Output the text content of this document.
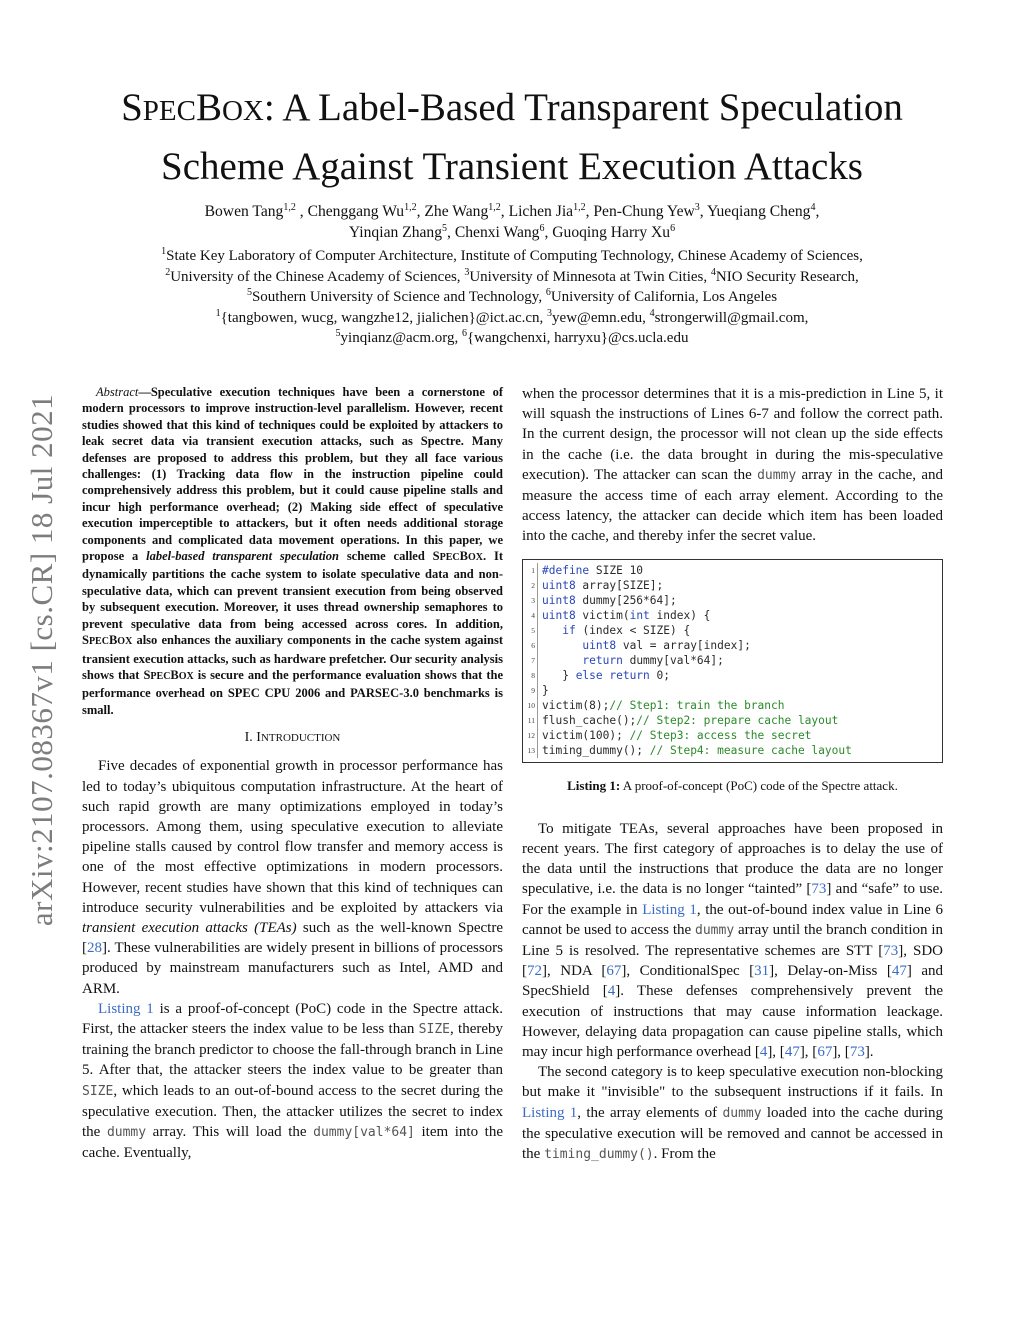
arXiv:2107.08367v1 [cs.CR] 18 Jul 2021
SPECBOX: A Label-Based Transparent Speculation
Scheme Against Transient Execution Attacks
Bowen Tang$^{1,2}$ , Chenggang Wu$^{1,2}$, Zhe Wang$^{1,2}$, Lichen Jia$^{1,2}$, Pen-Chung Yew$^3$, Yueqiang Cheng$^4$,
Yinqian Zhang$^5$, Chenxi Wang$^6$, Guoqing Harry Xu$^6$
$^1$State Key Laboratory of Computer Architecture, Institute of Computing Technology, Chinese Academy of Sciences,
$^2$University of the Chinese Academy of Sciences, $^3$University of Minnesota at Twin Cities, $^4$NIO Security Research,
$^5$Southern University of Science and Technology, $^6$University of California, Los Angeles
$^1${tangbowen, wucg, wangzhe12, jialichen}@ict.ac.cn, $^3$yew@emn.edu, $^4$strongerwill@gmail.com,
$^5$yinqianz@acm.org, $^6${wangchenxi, harryxu}@cs.ucla.edu

Abstract—Speculative execution techniques have been a cornerstone of modern processors to improve instruction-level parallelism. However, recent studies showed that this kind of techniques could be exploited by attackers to leak secret data via transient execution attacks, such as Spectre. Many defenses are proposed to address this problem, but they all face various challenges: (1) Tracking data flow in the instruction pipeline could comprehensively address this problem, but it could cause pipeline stalls and incur high performance overhead; (2) Making side effect of speculative execution imperceptible to attackers, but it often needs additional storage components and complicated data movement operations. In this paper, we propose a label-based transparent speculation scheme called SPECBOX. It dynamically partitions the cache system to isolate speculative data and non-speculative data, which can prevent transient execution from being observed by subsequent execution. Moreover, it uses thread ownership semaphores to prevent speculative data from being accessed across cores. In addition, SPECBOX also enhances the auxiliary components in the cache system against transient execution attacks, such as hardware prefetcher. Our security analysis shows that SPECBOX is secure and the performance evaluation shows that the performance overhead on SPEC CPU 2006 and PARSEC-3.0 benchmarks is small.

I. INTRODUCTION

Five decades of exponential growth in processor performance has led to today’s ubiquitous computation infrastructure. At the heart of such rapid growth are many optimizations employed in today’s processors. Among them, using speculative execution to alleviate pipeline stalls caused by control flow transfer and memory access is one of the most effective optimizations in modern processors. However, recent studies have shown that this kind of techniques can introduce security vulnerabilities and be exploited by attackers via transient execution attacks (TEAs) such as the well-known Spectre [28]. These vulnerabilities are widely present in billions of processors produced by mainstream manufacturers such as Intel, AMD and ARM.

Listing 1 is a proof-of-concept (PoC) code in the Spectre attack. First, the attacker steers the index value to be less than SIZE, thereby training the branch predictor to choose the fall-through branch in Line 5. After that, the attacker steers the index value to be greater than SIZE, which leads to an out-of-bound access to the secret during the speculative execution. Then, the attacker utilizes the secret to index the dummy array. This will load the dummy[val*64] item into the cache. Eventually,

when the processor determines that it is a mis-prediction in Line 5, it will squash the instructions of Lines 6-7 and follow the correct path. In the current design, the processor will not clean up the side effects in the cache (i.e. the data brought in during the mis-speculative execution). The attacker can scan the dummy array in the cache, and measure the access time of each array element. According to the access latency, the attacker can decide which item has been loaded into the cache, and thereby infer the secret value.

1 #define SIZE 10
2 uint8 array[SIZE];
3 uint8 dummy[256*64];
4 uint8 victim(int index) {
5	if (index < SIZE) {
6	uint8 val = array[index];
7	return dummy[val*64];
8 } else return 0;
9 }
10 victim(8);// Step1: train the branch
11 flush_cache();// Step2: prepare cache layout
12 victim(100); // Step3: access the secret
13 timing_dummy(); // Step4: measure cache layout
Listing 1: A proof-of-concept (PoC) code of the Spectre attack.

To mitigate TEAs, several approaches have been proposed in recent years. The first category of approaches is to delay the use of the data until the instructions that produce the data are no longer speculative, i.e. the data is no longer “tainted” [73] and “safe” to use. For the example in Listing 1, the out-of-bound index value in Line 6 cannot be used to access the dummy array until the branch condition in Line 5 is resolved. The representative schemes are STT [73], SDO [72], NDA [67], ConditionalSpec [31], Delay-on-Miss [47] and SpecShield [4]. These defenses comprehensively prevent the execution of instructions that may cause information leackage. However, delaying data propagation can cause pipeline stalls, which may incur high performance overhead [4], [47], [67], [73].

The second category is to keep speculative execution non-blocking but make it "invisible" to the subsequent instructions if it fails. In Listing 1, the array elements of dummy loaded into the cache during the speculative execution will be removed and cannot be accessed in the timing_dummy(). From the
